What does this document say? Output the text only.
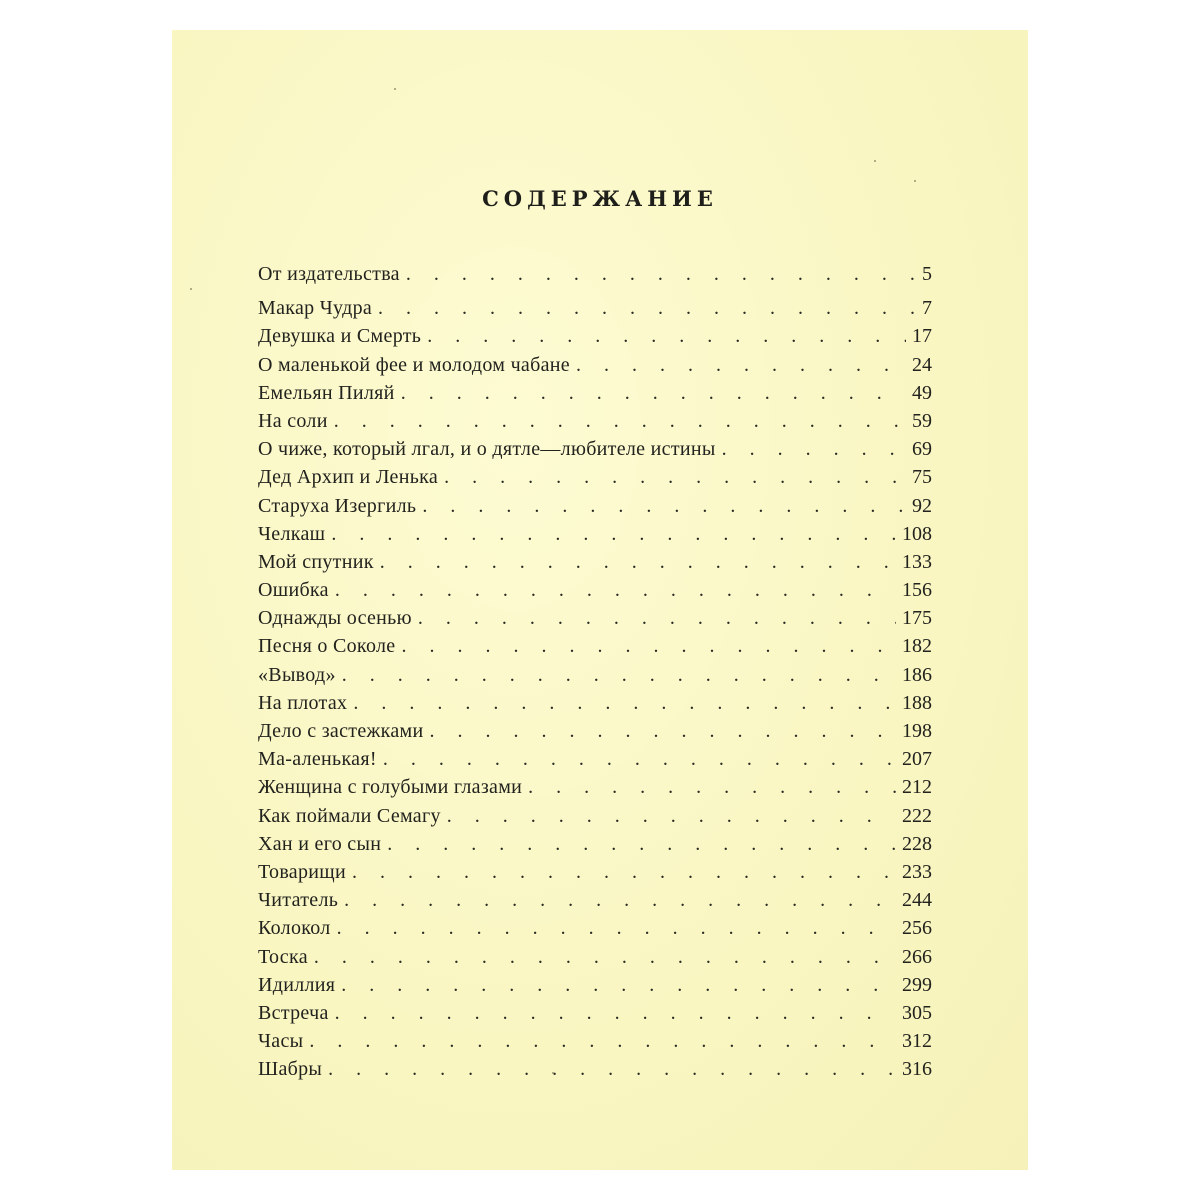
СОДЕРЖАНИЕ
От издательства . . .	5
Макар Чудра . . .	7
Девушка и Смерть . . .	17
О маленькой фее и молодом чабане . . .	24
Емельян Пиляй . . .	49
На соли . . .	59
О чиже, который лгал, и о дятле—любителе истины . . .	69
Дед Архип и Ленька . . .	75
Старуха Изергиль . . .	92
Челкаш . . .	108
Мой спутник . . .	133
Ошибка . . .	156
Однажды осенью . . .	175
Песня о Соколе . . .	182
«Вывод» . . .	186
На плотах . . .	188
Дело с застежками . . .	198
Ма-аленькая! . . .	207
Женщина с голубыми глазами . . .	212
Как поймали Семагу . . .	222
Хан и его сын . . .	228
Товарищи . . .	233
Читатель . . .	244
Колокол . . .	256
Тоска . . .	266
Идиллия . . .	299
Встреча . . .	305
Часы . . .	312
Шабры . . .	316
